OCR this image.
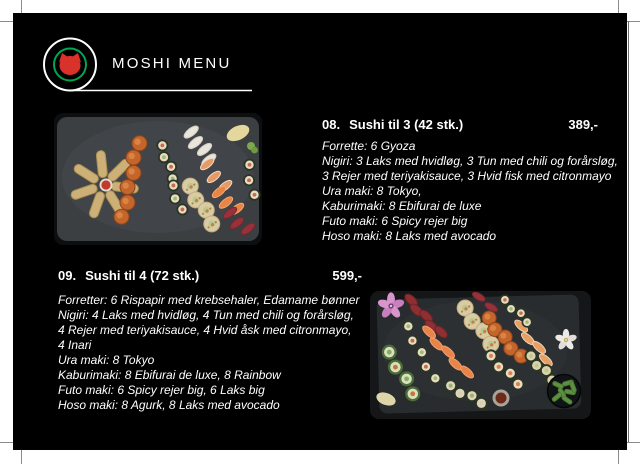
MOSHI MENU
08. Sushi til 3 (42 stk.)	389,-
Forrette: 6 Gyoza
Nigiri: 3 Laks med hvidløg, 3 Tun med chili og forårsløg,
3 Rejer med teriyakisauce, 3 Hvid fisk med citronmayo
Ura maki: 8 Tokyo,
Kaburimaki: 8 Ebifurai de luxe
Futo maki: 6 Spicy rejer big
Hoso maki: 8 Laks med avocado
09. Sushi til 4 (72 stk.)	599,-
Forretter: 6 Rispapir med krebsehaler, Edamame bønner
Nigiri: 4 Laks med hvidløg, 4 Tun med chili og forårsløg,
4 Rejer med teriyakisauce, 4 Hvid åsk med citronmayo,
4 Inari
Ura maki: 8 Tokyo
Kaburimaki: 8 Ebifurai de luxe, 8 Rainbow
Futo maki: 6 Spicy rejer big, 6 Laks big
Hoso maki: 8 Agurk, 8 Laks med avocado
